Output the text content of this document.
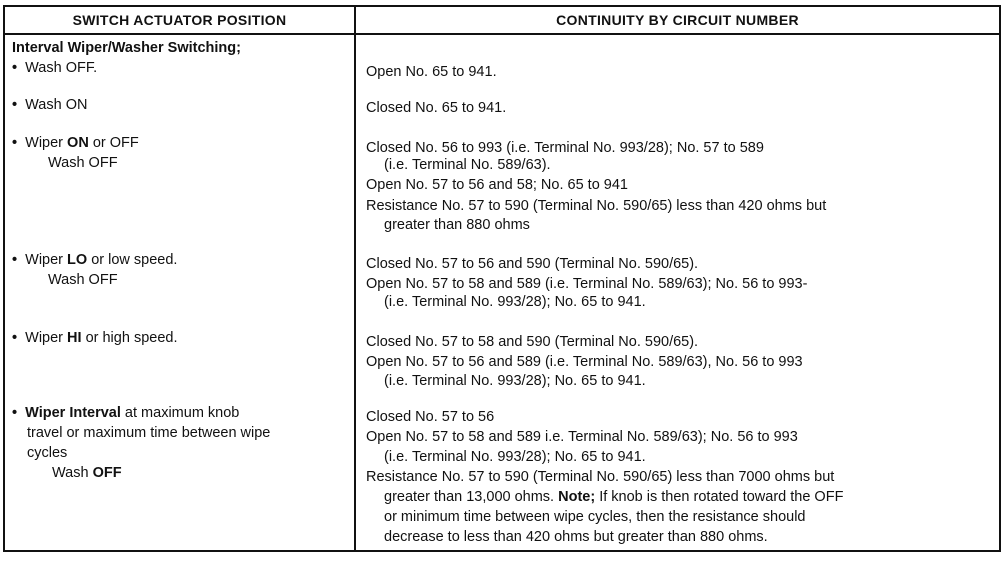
SWITCH ACTUATOR POSITION	CONTINUITY BY CIRCUIT NUMBER
Interval Wiper/Washer Switching;
• Wash OFF.
• Wash ON
• Wiper ON or OFF
Wash OFF
• Wiper LO or low speed.
Wash OFF
• Wiper HI or high speed.
• Wiper Interval at maximum knob
travel or maximum time between wipe
cycles
Wash OFF
Open No. 65 to 941.
Closed No. 65 to 941.
Closed No. 56 to 993 (i.e. Terminal No. 993/28); No. 57 to 589
(i.e. Terminal No. 589/63).
Open No. 57 to 56 and 58; No. 65 to 941
Resistance No. 57 to 590 (Terminal No. 590/65) less than 420 ohms but
greater than 880 ohms
Closed No. 57 to 56 and 590 (Terminal No. 590/65).
Open No. 57 to 58 and 589 (i.e. Terminal No. 589/63); No. 56 to 993-
(i.e. Terminal No. 993/28); No. 65 to 941.
Closed No. 57 to 58 and 590 (Terminal No. 590/65).
Open No. 57 to 56 and 589 (i.e. Terminal No. 589/63), No. 56 to 993
(i.e. Terminal No. 993/28); No. 65 to 941.
Closed No. 57 to 56
Open No. 57 to 58 and 589 i.e. Terminal No. 589/63); No. 56 to 993
(i.e. Terminal No. 993/28); No. 65 to 941.
Resistance No. 57 to 590 (Terminal No. 590/65) less than 7000 ohms but
greater than 13,000 ohms. Note; If knob is then rotated toward the OFF
or minimum time between wipe cycles, then the resistance should
decrease to less than 420 ohms but greater than 880 ohms.
